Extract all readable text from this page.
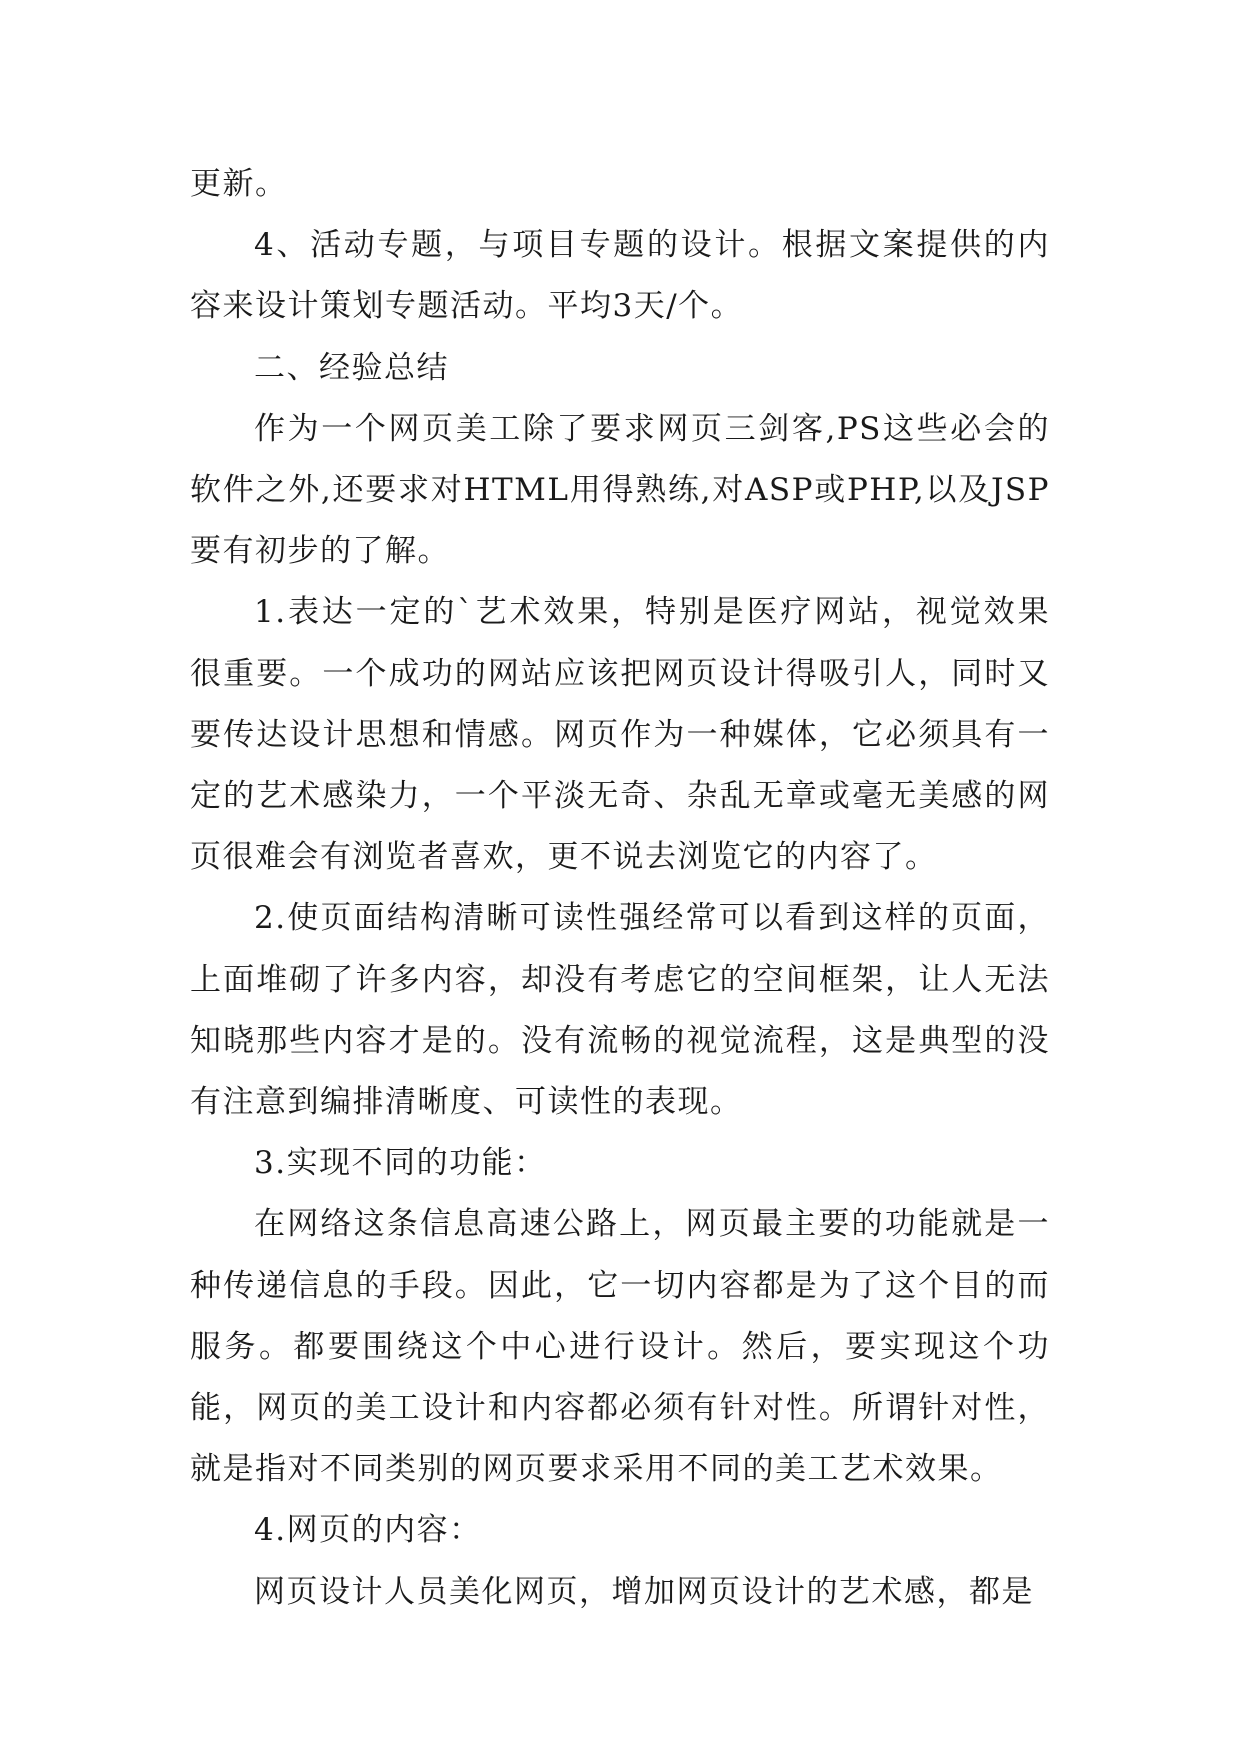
更新。

4、活动专题，与项目专题的设计。根据文案提供的内容来设计策划专题活动。平均3天/个。

二、经验总结

作为一个网页美工除了要求网页三剑客,PS这些必会的软件之外,还要求对HTML用得熟练,对ASP或PHP,以及JSP要有初步的了解。

1.表达一定的`艺术效果，特别是医疗网站，视觉效果很重要。一个成功的网站应该把网页设计得吸引人，同时又要传达设计思想和情感。网页作为一种媒体，它必须具有一定的艺术感染力，一个平淡无奇、杂乱无章或毫无美感的网页很难会有浏览者喜欢，更不说去浏览它的内容了。

2.使页面结构清晰可读性强经常可以看到这样的页面，上面堆砌了许多内容，却没有考虑它的空间框架，让人无法知晓那些内容才是的。没有流畅的视觉流程，这是典型的没有注意到编排清晰度、可读性的表现。

3.实现不同的功能：

在网络这条信息高速公路上，网页最主要的功能就是一种传递信息的手段。因此，它一切内容都是为了这个目的而服务。都要围绕这个中心进行设计。然后，要实现这个功能，网页的美工设计和内容都必须有针对性。所谓针对性，就是指对不同类别的网页要求采用不同的美工艺术效果。

4.网页的内容：

网页设计人员美化网页，增加网页设计的艺术感，都是
